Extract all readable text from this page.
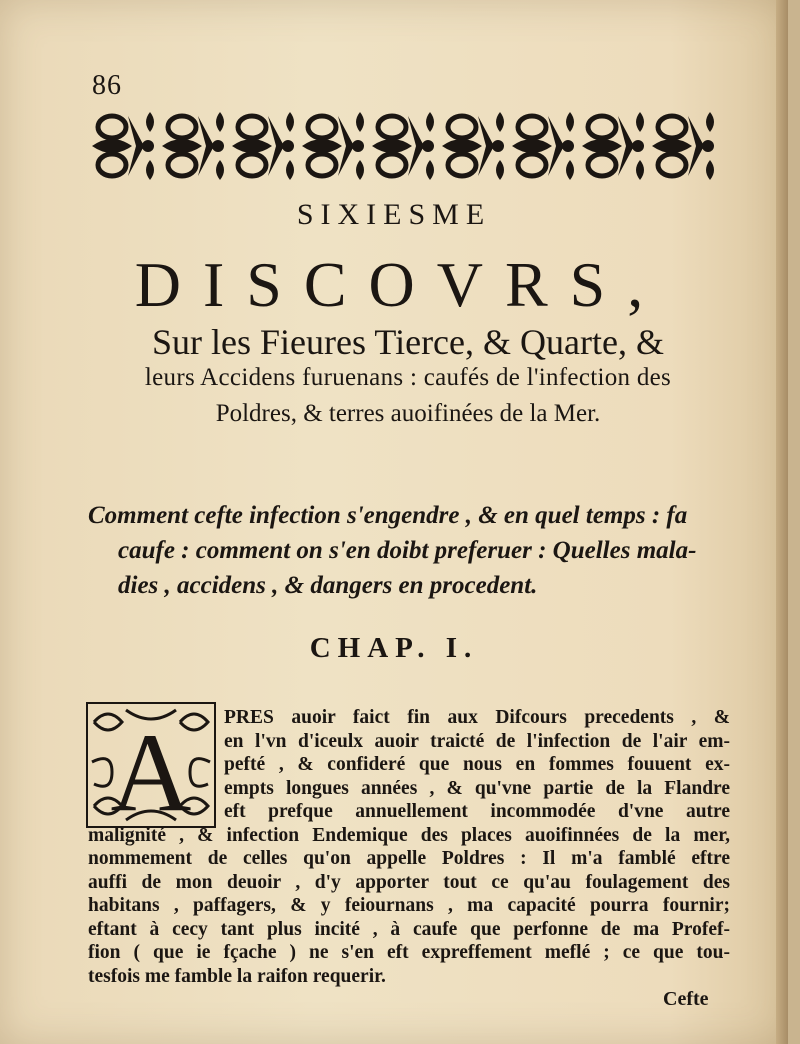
86
SIXIESME
DISCOVRS,
Sur les Fieures Tierce, & Quarte, &
leurs Accidens furuenans : caufés de l'infection des
Poldres, & terres auoifinées de la Mer.
Comment cefte infection s'engendre , & en quel temps : fa
caufe : comment on s'en doibt preferuer : Quelles mala-
dies , accidens , & dangers en procedent.
CHAP. I.
A	PRES auoir faict fin aux Difcours precedents , &
en l'vn d'iceulx auoir traicté de l'infection de l'air em-
pefté , & confideré que nous en fommes fouuent ex-
empts longues années , & qu'vne partie de la Flandre
eft prefque annuellement incommodée d'vne autre
malignité , & infection Endemique des places auoifinnées de la mer,
nommement de celles qu'on appelle Poldres : Il m'a famblé eftre
auffi de mon deuoir , d'y apporter tout ce qu'au foulagement des
habitans , paffagers, & y feiournans , ma capacité pourra fournir;
eftant à cecy tant plus incité , à caufe que perfonne de ma Profef-
fion ( que ie fçache ) ne s'en eft expreffement meflé ; ce que tou-
tesfois me famble la raifon requerir.
Cefte
